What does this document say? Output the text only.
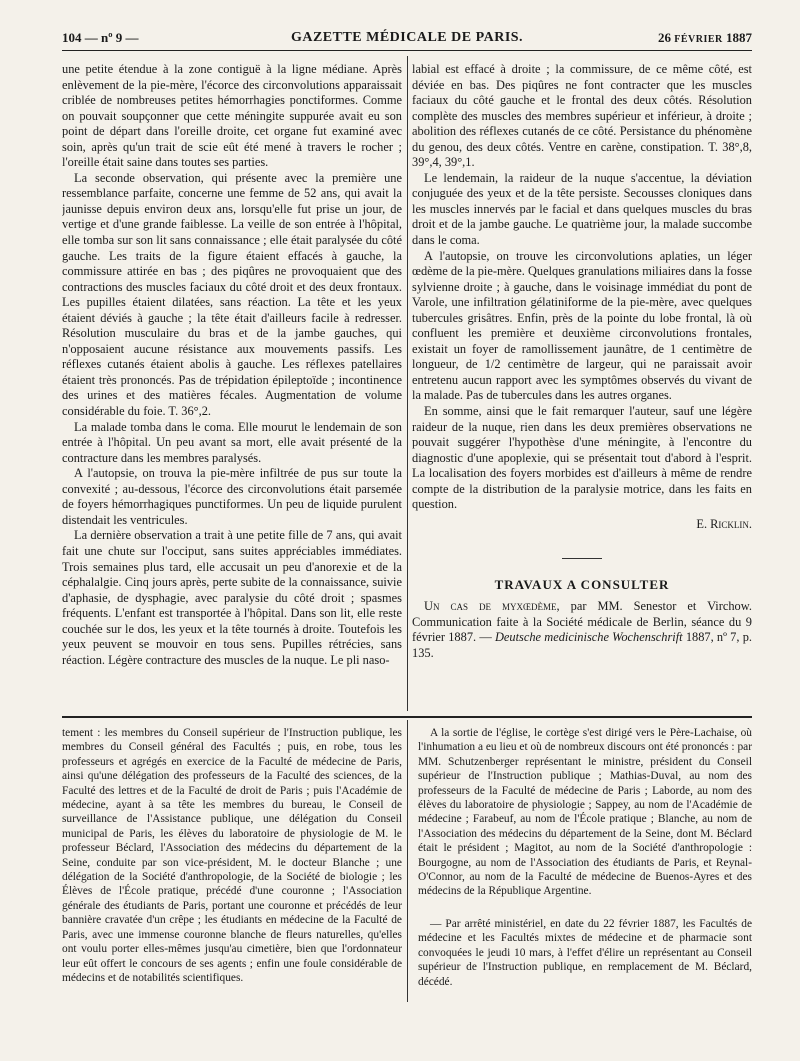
104 — nº 9 —	GAZETTE MÉDICALE DE PARIS.	26 FÉVRIER 1887

une petite étendue à la zone contiguë à la ligne médiane. Après enlèvement de la pie-mère, l'écorce des circonvolutions apparaissait criblée de nombreuses petites hémorrhagies ponctiformes. Comme on pouvait soupçonner que cette méningite suppurée avait eu son point de départ dans l'oreille droite, cet organe fut examiné avec soin, après qu'un trait de scie eût été mené à travers le rocher ; l'oreille était saine dans toutes ses parties.

La seconde observation, qui présente avec la première une ressemblance parfaite, concerne une femme de 52 ans, qui avait la jaunisse depuis environ deux ans, lorsqu'elle fut prise un jour, de vertige et d'une grande faiblesse. La veille de son entrée à l'hôpital, elle tomba sur son lit sans connaissance ; elle était paralysée du côté gauche. Les traits de la figure étaient effacés à gauche, la commissure attirée en bas ; des piqûres ne provoquaient que des contractions des muscles faciaux du côté droit et des deux frontaux. Les pupilles étaient dilatées, sans réaction. La tête et les yeux étaient déviés à gauche ; la tête était d'ailleurs facile à redresser. Résolution musculaire du bras et de la jambe gauches, qui n'opposaient aucune résistance aux mouvements passifs. Les réflexes cutanés étaient abolis à gauche. Les réflexes patellaires étaient très prononcés. Pas de trépidation épileptoïde ; incontinence des urines et des matières fécales. Augmentation de volume considérable du foie. T. 36°,2.

La malade tomba dans le coma. Elle mourut le lendemain de son entrée à l'hôpital. Un peu avant sa mort, elle avait présenté de la contracture dans les membres paralysés.

A l'autopsie, on trouva la pie-mère infiltrée de pus sur toute la convexité ; au-dessous, l'écorce des circonvolutions était parsemée de foyers hémorrhagiques punctiformes. Un peu de liquide purulent distendait les ventricules.

La dernière observation a trait à une petite fille de 7 ans, qui avait fait une chute sur l'occiput, sans suites appréciables immédiates. Trois semaines plus tard, elle accusait un peu d'anorexie et de la céphalalgie. Cinq jours après, perte subite de la connaissance, suivie d'aphasie, de dysphagie, avec paralysie du côté droit ; spasmes fréquents. L'enfant est transportée à l'hôpital. Dans son lit, elle reste couchée sur le dos, les yeux et la tête tournés à droite. Toutefois les yeux peuvent se mouvoir en tous sens. Pupilles rétrécies, sans réaction. Légère contracture des muscles de la nuque. Le pli naso-

labial est effacé à droite ; la commissure, de ce même côté, est déviée en bas. Des piqûres ne font contracter que les muscles faciaux du côté gauche et le frontal des deux côtés. Résolution complète des muscles des membres supérieur et inférieur, à droite ; abolition des réflexes cutanés de ce côté. Persistance du phénomène du genou, des deux côtés. Ventre en carène, constipation. T. 38°,8, 39°,4, 39°,1.

Le lendemain, la raideur de la nuque s'accentue, la déviation conjuguée des yeux et de la tête persiste. Secousses cloniques dans les muscles innervés par le facial et dans quelques muscles du bras droit et de la jambe gauche. Le quatrième jour, la malade succombe dans le coma.

A l'autopsie, on trouve les circonvolutions aplaties, un léger œdème de la pie-mère. Quelques granulations miliaires dans la fosse sylvienne droite ; à gauche, dans le voisinage immédiat du pont de Varole, une infiltration gélatiniforme de la pie-mère, avec quelques tubercules grisâtres. Enfin, près de la pointe du lobe frontal, là où confluent les première et deuxième circonvolutions frontales, existait un foyer de ramollissement jaunâtre, de 1 centimètre de longueur, de 1/2 centimètre de largeur, qui ne paraissait avoir entretenu aucun rapport avec les symptômes observés du vivant de la malade. Pas de tubercules dans les autres organes.

En somme, ainsi que le fait remarquer l'auteur, sauf une légère raideur de la nuque, rien dans les deux premières observations ne pouvait suggérer l'hypothèse d'une méningite, à l'encontre du diagnostic d'une apoplexie, qui se présentait tout d'abord à l'esprit. La localisation des foyers morbides est d'ailleurs à même de rendre compte de la distribution de la paralysie motrice, dans les faits en question.

E. Ricklin.

TRAVAUX A CONSULTER

Un cas de myxœdème, par MM. Senestor et Virchow. Communication faite à la Société médicale de Berlin, séance du 9 février 1887. — Deutsche medicinische Wochenschrift 1887, nº 7, p. 135.

tement : les membres du Conseil supérieur de l'Instruction publique, les membres du Conseil général des Facultés ; puis, en robe, tous les professeurs et agrégés en exercice de la Faculté de médecine de Paris, ainsi qu'une délégation des professeurs de la Faculté des sciences, de la Faculté des lettres et de la Faculté de droit de Paris ; puis l'Académie de médecine, ayant à sa tête les membres du bureau, le Conseil de surveillance de l'Assistance publique, une délégation du Conseil municipal de Paris, les élèves du laboratoire de physiologie de M. le professeur Béclard, l'Association des médecins du département de la Seine, conduite par son vice-président, M. le docteur Blanche ; une délégation de la Société d'anthropologie, de la Société de biologie ; les Élèves de l'École pratique, précédé d'une couronne ; l'Association générale des étudiants de Paris, portant une couronne et précédés de leur bannière cravatée d'un crêpe ; les étudiants en médecine de la Faculté de Paris, avec une immense couronne blanche de fleurs naturelles, qu'elles ont voulu porter elles-mêmes jusqu'au cimetière, bien que l'ordonnateur leur eût offert le concours de ses agents ; enfin une foule considérable de médecins et de notabilités scientifiques.

A la sortie de l'église, le cortège s'est dirigé vers le Père-Lachaise, où l'inhumation a eu lieu et où de nombreux discours ont été prononcés : par MM. Schutzenberger représentant le ministre, président du Conseil supérieur de l'Instruction publique ; Mathias-Duval, au nom des professeurs de la Faculté de médecine de Paris ; Laborde, au nom des élèves du laboratoire de physiologie ; Sappey, au nom de l'Académie de médecine ; Farabeuf, au nom de l'École pratique ; Blanche, au nom de l'Association des médecins du département de la Seine, dont M. Béclard était le président ; Magitot, au nom de la Société d'anthropologie : Bourgogne, au nom de l'Association des étudiants de Paris, et Reynal-O'Connor, au nom de la Faculté de médecine de Buenos-Ayres et des médecins de la République Argentine.

— Par arrêté ministériel, en date du 22 février 1887, les Facultés de médecine et les Facultés mixtes de médecine et de pharmacie sont convoquées le jeudi 10 mars, à l'effet d'élire un représentant au Conseil supérieur de l'Instruction publique, en remplacement de M. Béclard, décédé.
